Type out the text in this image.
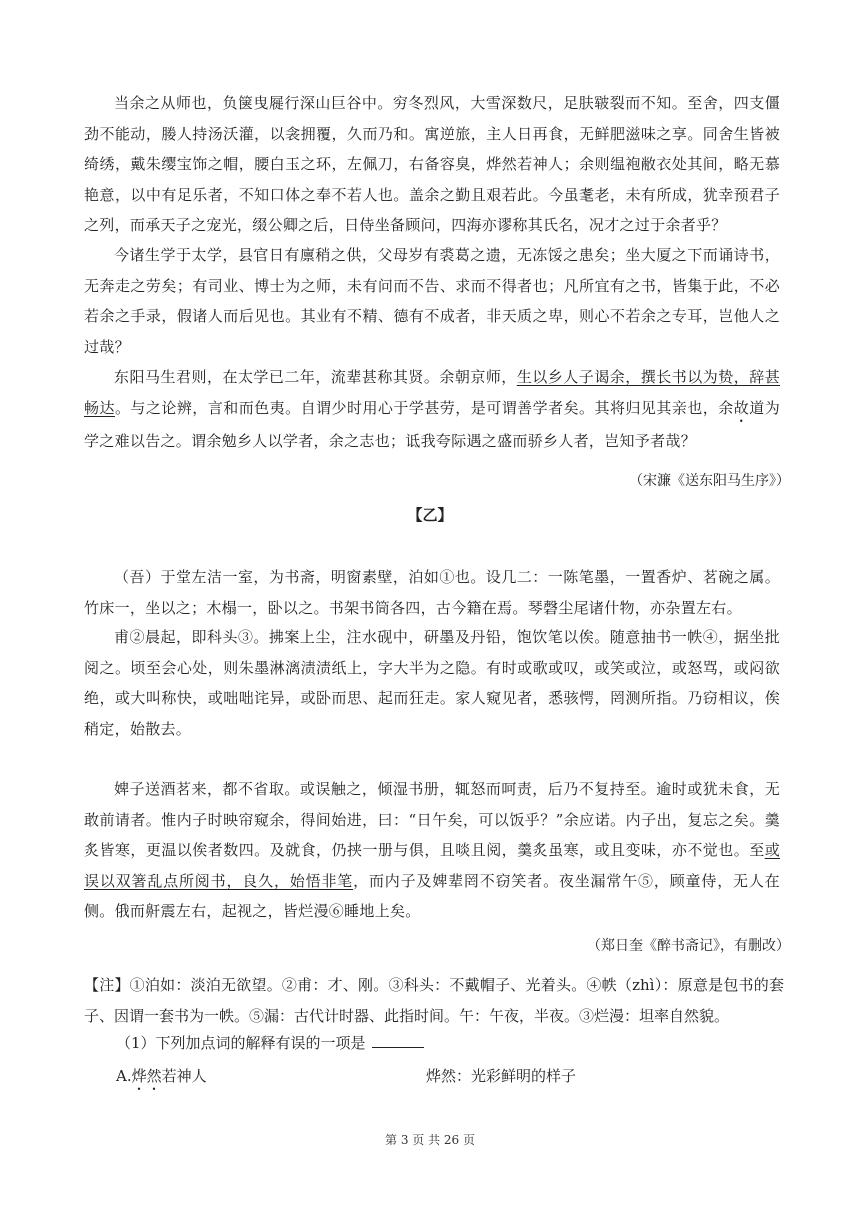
当余之从师也，负箧曳屣行深山巨谷中。穷冬烈风，大雪深数尺，足肤皲裂而不知。至舍，四支僵劲不能动，媵人持汤沃灌，以衾拥覆，久而乃和。寓逆旅，主人日再食，无鲜肥滋味之享。同舍生皆被绮绣，戴朱缨宝饰之帽，腰白玉之环，左佩刀，右备容臭，烨然若神人；余则缊袍敝衣处其间，略无慕艳意，以中有足乐者，不知口体之奉不若人也。盖余之勤且艰若此。今虽耄老，未有所成，犹幸预君子之列，而承天子之宠光，缀公卿之后，日侍坐备顾问，四海亦谬称其氏名，况才之过于余者乎？

今诸生学于太学，县官日有廪稍之供，父母岁有裘葛之遗，无冻馁之患矣；坐大厦之下而诵诗书，无奔走之劳矣；有司业、博士为之师，未有问而不告、求而不得者也；凡所宜有之书，皆集于此，不必若余之手录，假诸人而后见也。其业有不精、德有不成者，非天质之卑，则心不若余之专耳，岂他人之过哉？

东阳马生君则，在太学已二年，流辈甚称其贤。余朝京师，生以乡人子谒余，撰长书以为贽，辞甚畅达。与之论辨，言和而色夷。自谓少时用心于学甚劳，是可谓善学者矣。其将归见其亲也，余故道为学之难以告之。谓余勉乡人以学者，余之志也；诋我夸际遇之盛而骄乡人者，岂知予者哉？

（宋濂《送东阳马生序》）

【乙】

（吾）于堂左洁一室，为书斋，明窗素壁，泊如①也。设几二：一陈笔墨，一置香炉、茗碗之属。竹床一，坐以之；木榻一，卧以之。书架书筒各四，古今籍在焉。琴磬尘尾诸什物，亦杂置左右。

甫②晨起，即科头③。拂案上尘，注水砚中，研墨及丹铅，饱饮笔以俟。随意抽书一帙④，据坐批阅之。顷至会心处，则朱墨淋漓渍渍纸上，字大半为之隐。有时或歌或叹，或笑或泣，或怒骂，或闷欲绝，或大叫称快，或咄咄诧异，或卧而思、起而狂走。家人窥见者，悉骇愕，罔测所指。乃窃相议，俟稍定，始散去。

婢子送酒茗来，都不省取。或误触之，倾湿书册，辄怒而呵责，后乃不复持至。逾时或犹未食，无敢前请者。惟内子时映帘窥余，得间始进，曰：“日午矣，可以饭乎？”余应诺。内子出，复忘之矣。羹炙皆寒，更温以俟者数四。及就食，仍挟一册与俱，且啖且阅，羹炙虽寒，或且变味，亦不觉也。至或误以双箸乱点所阅书，良久，始悟非笔，而内子及婢辈罔不窃笑者。夜坐漏常午⑤，顾童侍，无人在侧。俄而鼾震左右，起视之，皆烂漫⑥睡地上矣。

（郑日奎《醉书斋记》，有删改）

【注】①泊如：淡泊无欲望。②甫：才、刚。③科头：不戴帽子、光着头。④帙（zhì）：原意是包书的套子、因谓一套书为一帙。⑤漏：古代计时器、此指时间。午：午夜，半夜。③烂漫：坦率自然貌。

（1）下列加点词的解释有误的一项是

A.烨然若神人	烨然：光彩鲜明的样子

第 3 页 共 26 页
